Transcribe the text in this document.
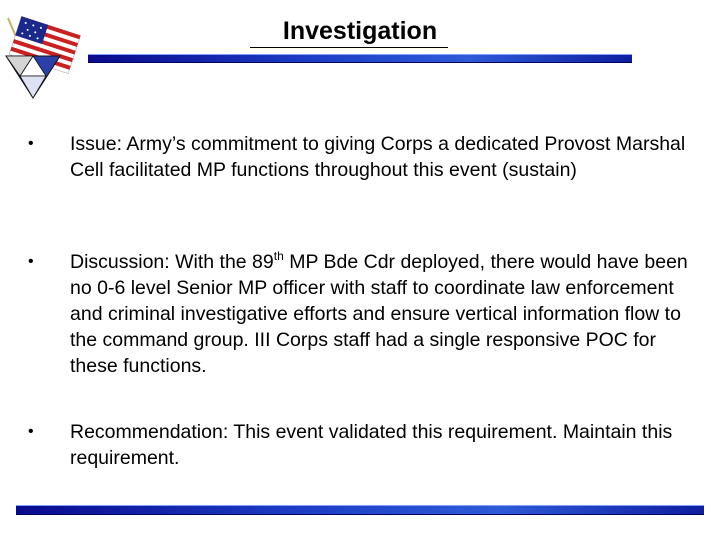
Investigation
• Issue: Army’s commitment to giving Corps a dedicated Provost Marshal Cell facilitated MP functions throughout this event (sustain)
• Discussion: With the 89th MP Bde Cdr deployed, there would have been no 0-6 level Senior MP officer with staff to coordinate law enforcement and criminal investigative efforts and ensure vertical information flow to the command group. III Corps staff had a single responsive POC for these functions.
• Recommendation: This event validated this requirement. Maintain this requirement.
